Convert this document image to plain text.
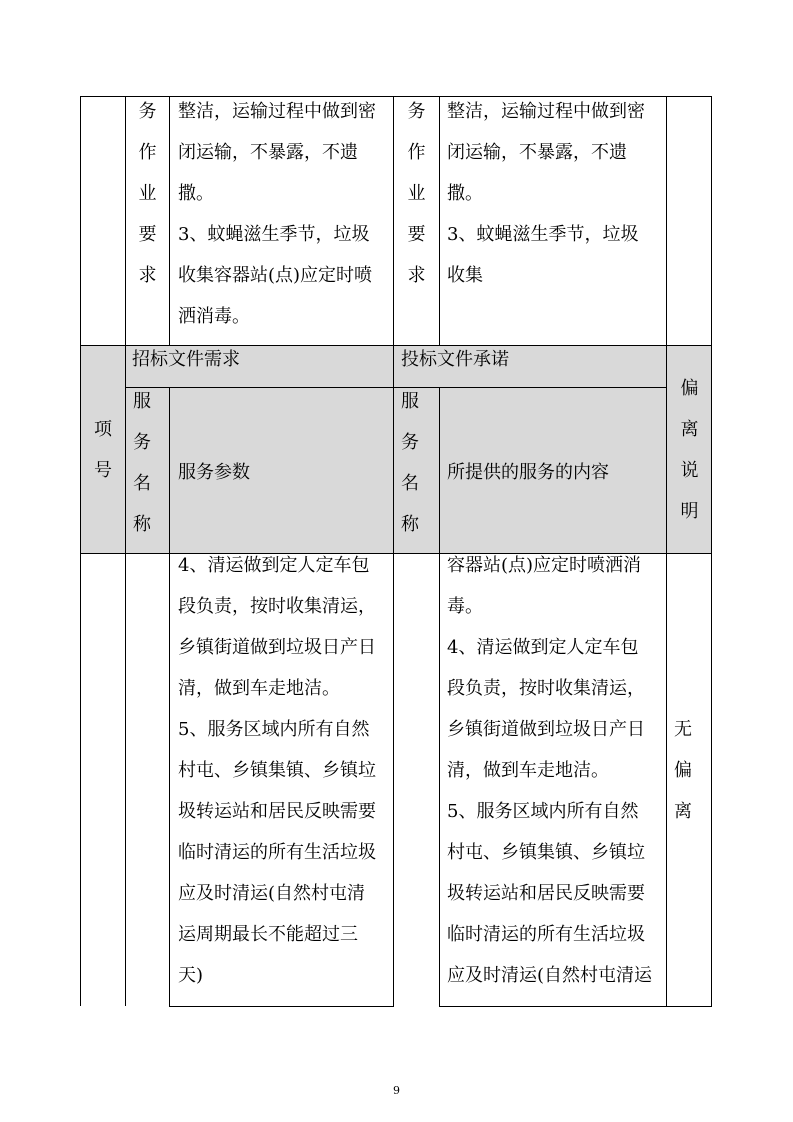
务
作
业
要
求

整洁，运输过程中做到密
闭运输，不暴露，不遗
撒。
3、蚊蝇滋生季节，垃圾
收集容器站(点)应定时喷
洒消毒。

务
作
业
要
求

整洁，运输过程中做到密
闭运输，不暴露，不遗
撒。
3、蚊蝇滋生季节，垃圾
收集

项
号

招标文件需求	投标文件承诺

偏
离
说
明

服
务
名
称

服务参数

服
务
名
称

所提供的服务的内容

4、清运做到定人定车包
段负责，按时收集清运，
乡镇街道做到垃圾日产日
清，做到车走地洁。
5、服务区域内所有自然
村屯、乡镇集镇、乡镇垃
圾转运站和居民反映需要
临时清运的所有生活垃圾
应及时清运(自然村屯清
运周期最长不能超过三
天)

容器站(点)应定时喷洒消
毒。
4、清运做到定人定车包
段负责，按时收集清运，
乡镇街道做到垃圾日产日
清，做到车走地洁。
5、服务区域内所有自然
村屯、乡镇集镇、乡镇垃
圾转运站和居民反映需要
临时清运的所有生活垃圾
应及时清运(自然村屯清运

无
偏
离

9
